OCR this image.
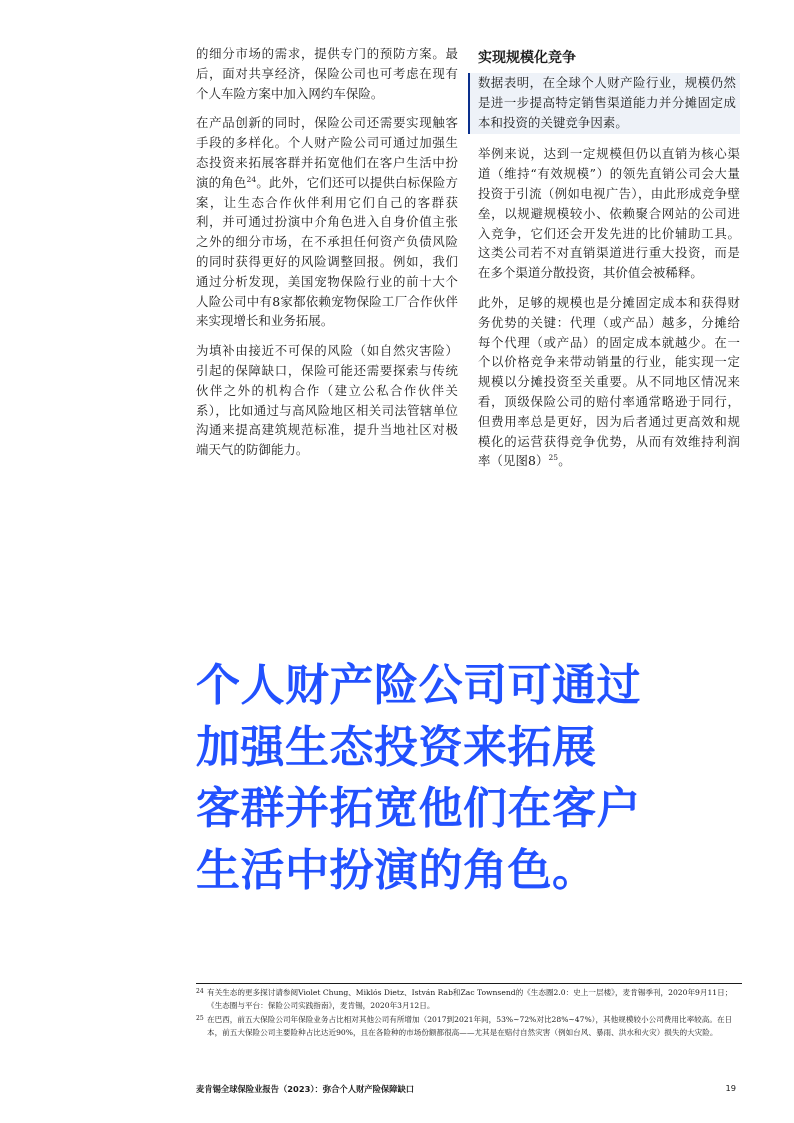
的细分市场的需求，提供专门的预防方案。最后，面对共享经济，保险公司也可考虑在现有个人车险方案中加入网约车保险。

在产品创新的同时，保险公司还需要实现触客手段的多样化。个人财产险公司可通过加强生态投资来拓展客群并拓宽他们在客户生活中扮演的角色$^{24}$。此外，它们还可以提供白标保险方案，让生态合作伙伴利用它们自己的客群获利，并可通过扮演中介角色进入自身价值主张之外的细分市场，在不承担任何资产负债风险的同时获得更好的风险调整回报。例如，我们通过分析发现，美国宠物保险行业的前十大个人险公司中有8家都依赖宠物保险工厂合作伙伴来实现增长和业务拓展。

为填补由接近不可保的风险（如自然灾害险）引起的保障缺口，保险可能还需要探索与传统伙伴之外的机构合作（建立公私合作伙伴关系），比如通过与高风险地区相关司法管辖单位沟通来提高建筑规范标准，提升当地社区对极端天气的防御能力。

实现规模化竞争

数据表明，在全球个人财产险行业，规模仍然是进一步提高特定销售渠道能力并分摊固定成本和投资的关键竞争因素。

举例来说，达到一定规模但仍以直销为核心渠道（维持“有效规模”）的领先直销公司会大量投资于引流（例如电视广告），由此形成竞争壁垒，以规避规模较小、依赖聚合网站的公司进入竞争，它们还会开发先进的比价辅助工具。这类公司若不对直销渠道进行重大投资，而是在多个渠道分散投资，其价值会被稀释。

此外，足够的规模也是分摊固定成本和获得财务优势的关键：代理（或产品）越多，分摊给每个代理（或产品）的固定成本就越少。在一个以价格竞争来带动销量的行业，能实现一定规模以分摊投资至关重要。从不同地区情况来看，顶级保险公司的赔付率通常略逊于同行，但费用率总是更好，因为后者通过更高效和规模化的运营获得竞争优势，从而有效维持利润率（见图8）$^{25}$。

个人财产险公司可通过
加强生态投资来拓展
客群并拓宽他们在客户
生活中扮演的角色。
24 有关生态的更多探讨请参阅Violet Chung、Miklós Dietz、István Rab和Zac Townsend的《生态圈2.0：史上一层楼》，麦肯锡季刊，2020年9月11日；《生态圈与平台：保险公司实践指南》，麦肯锡，2020年3月12日。
25 在巴西，前五大保险公司年保险业务占比相对其他公司有所增加（2017到2021年间，53%~72%对比28%~47%），其他规模较小公司费用比率较高。在日本，前五大保险公司主要险种占比达近90%，且在各险种的市场份额都很高——尤其是在赔付自然灾害（例如台风、暴雨、洪水和火灾）损失的大灾险。
麦肯锡全球保险业报告（2023）：弥合个人财产险保障缺口	19
